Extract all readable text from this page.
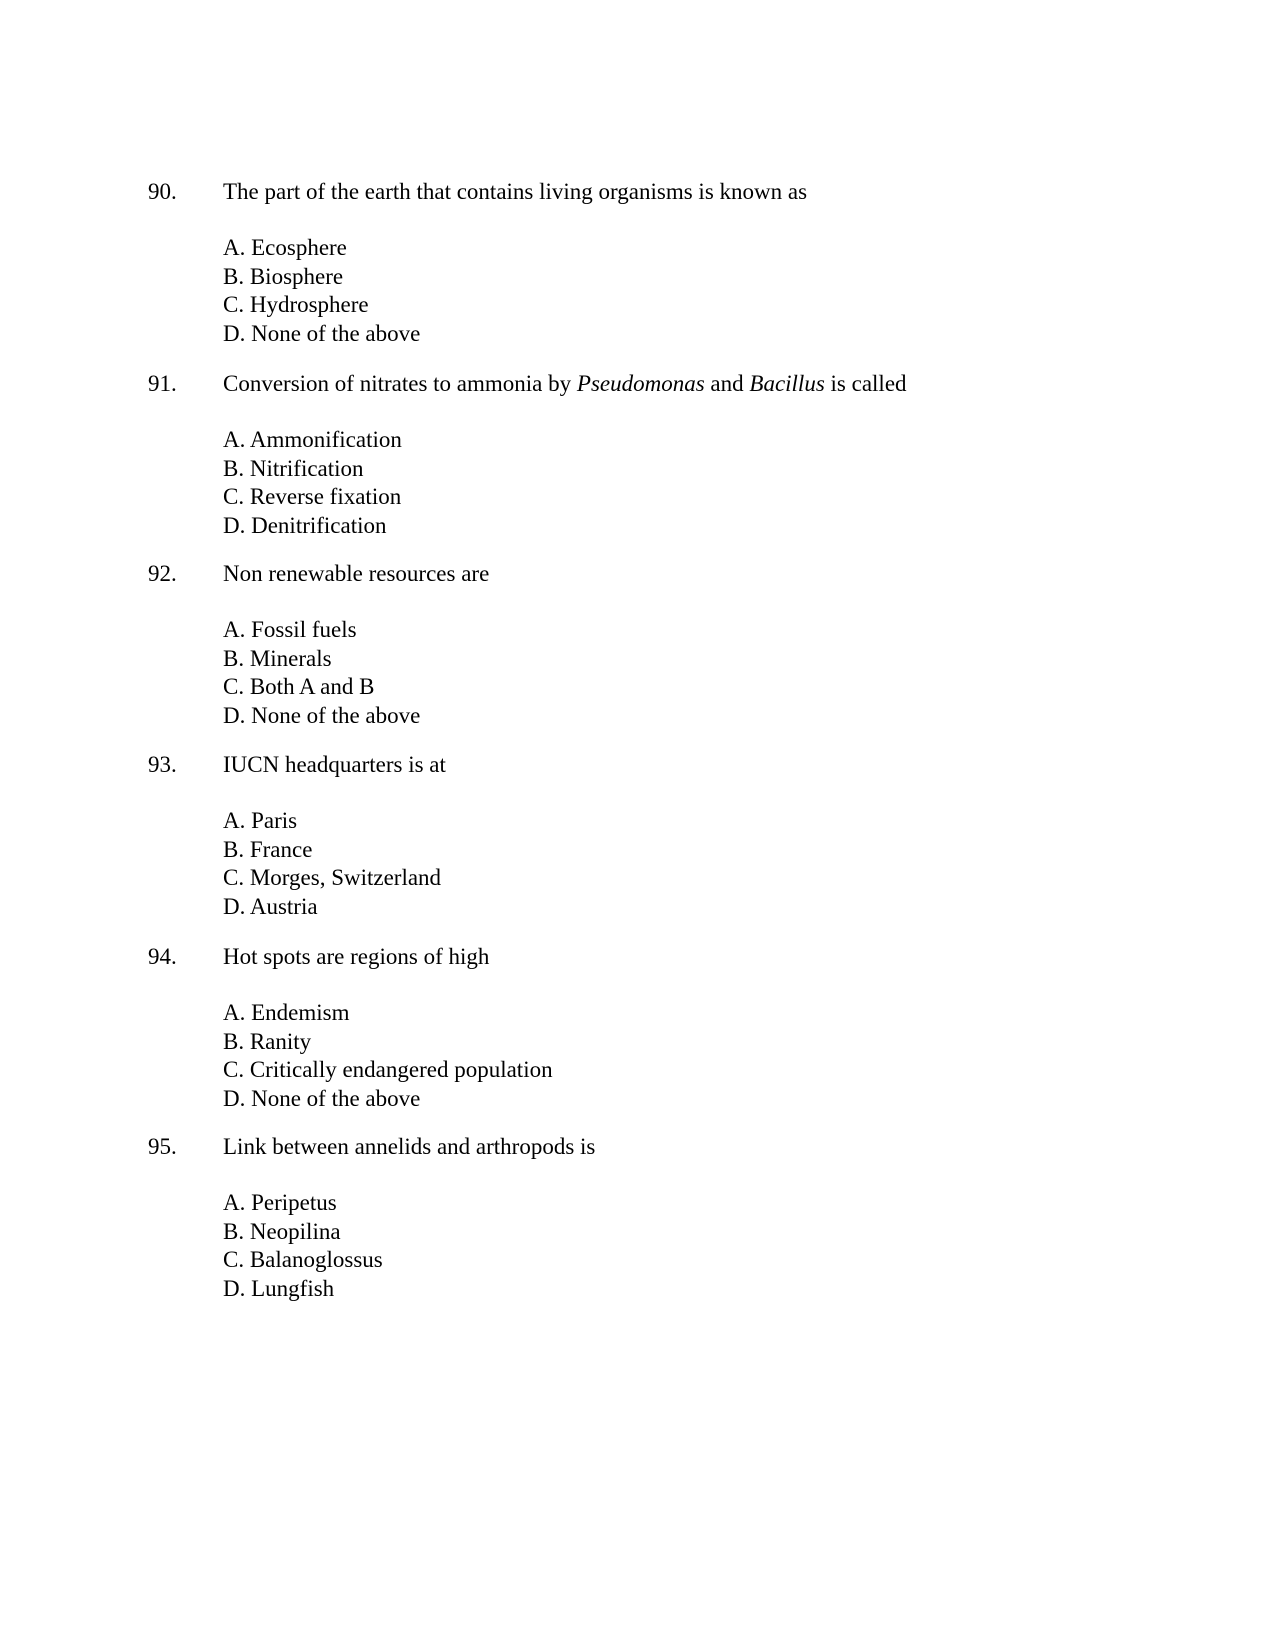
90. The part of the earth that contains living organisms is known as
A. Ecosphere
B. Biosphere
C. Hydrosphere
D. None of the above
91. Conversion of nitrates to ammonia by Pseudomonas and Bacillus is called
A. Ammonification
B. Nitrification
C. Reverse fixation
D. Denitrification
92. Non renewable resources are
A. Fossil fuels
B. Minerals
C. Both A and B
D. None of the above
93. IUCN headquarters is at
A. Paris
B. France
C. Morges, Switzerland
D. Austria
94. Hot spots are regions of high
A. Endemism
B. Ranity
C. Critically endangered population
D. None of the above
95. Link between annelids and arthropods is
A. Peripetus
B. Neopilina
C. Balanoglossus
D. Lungfish
